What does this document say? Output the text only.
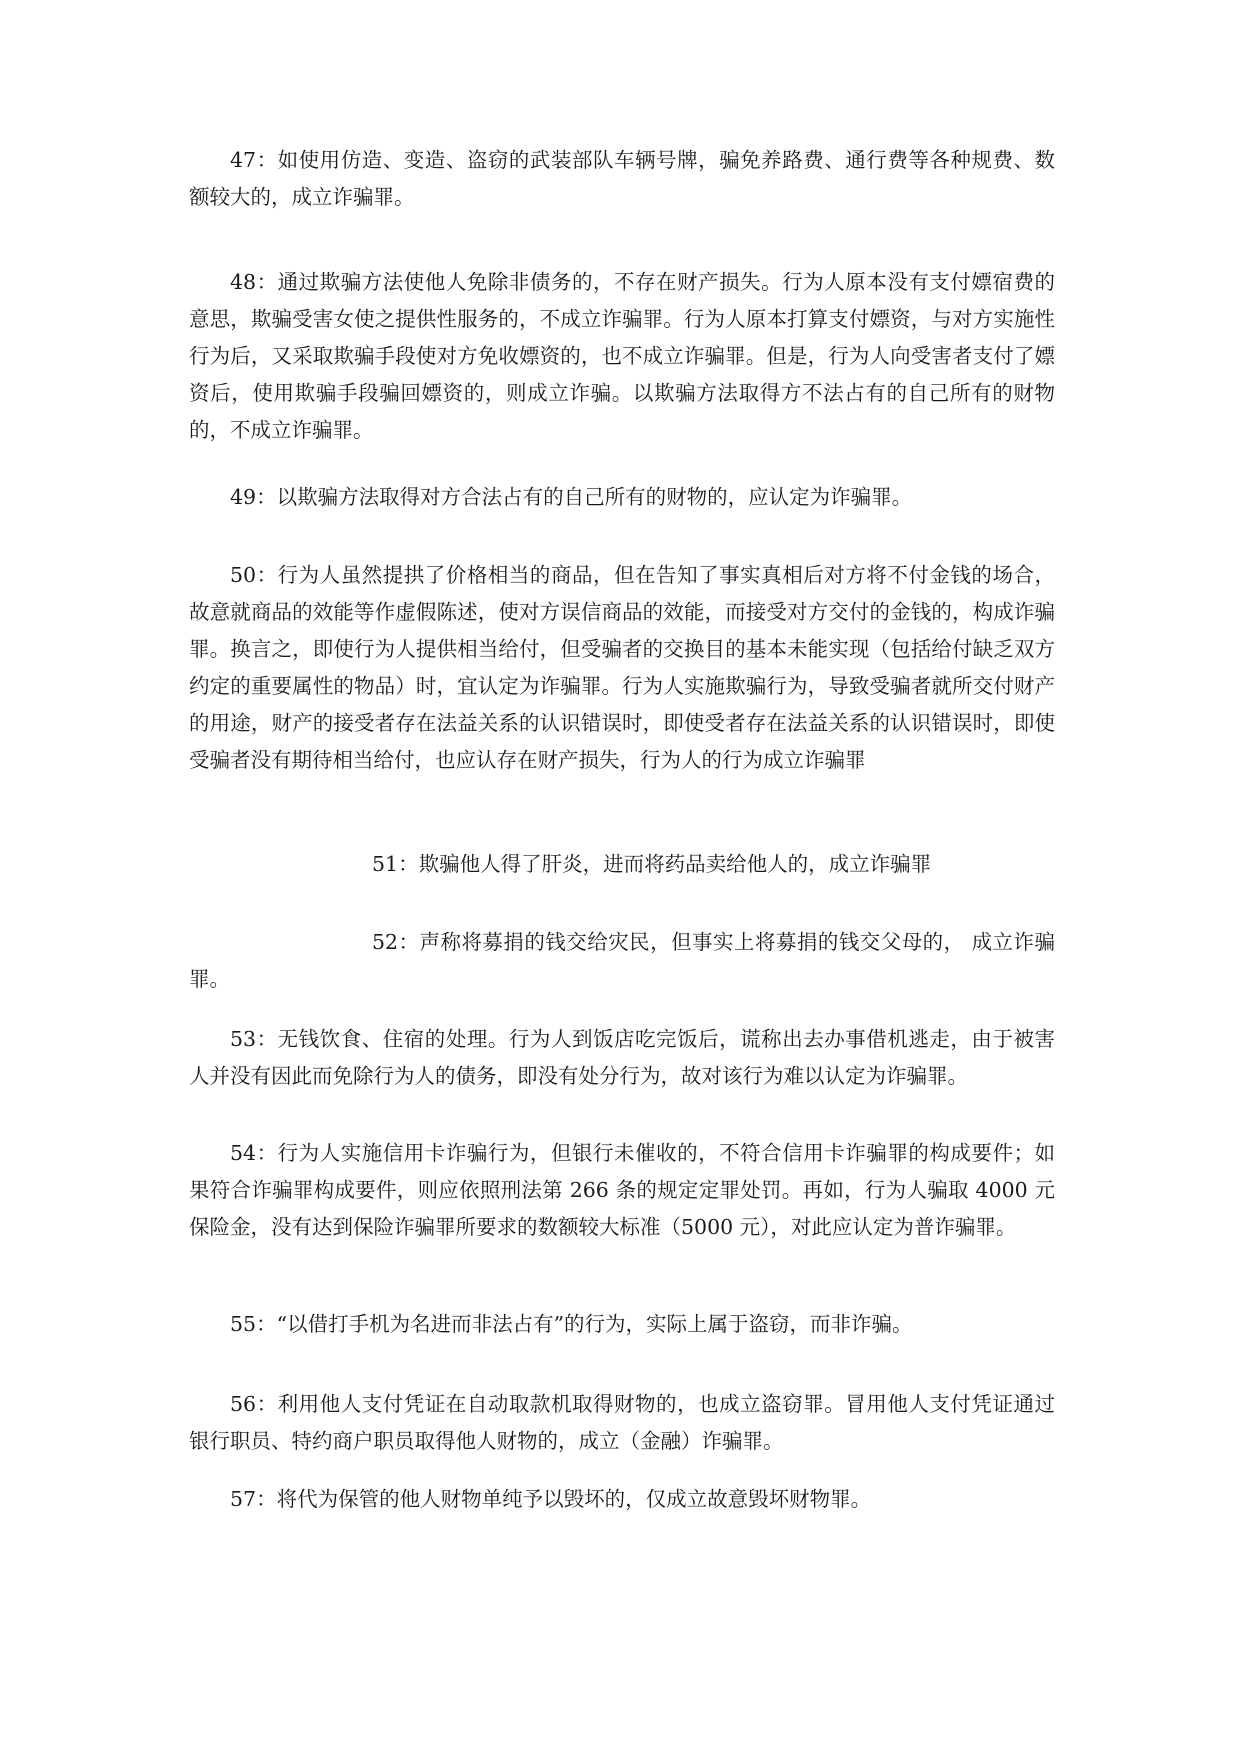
47：如使用仿造、变造、盗窃的武装部队车辆号牌，骗免养路费、通行费等各种规费、数额较大的，成立诈骗罪。

48：通过欺骗方法使他人免除非债务的，不存在财产损失。行为人原本没有支付嫖宿费的意思，欺骗受害女使之提供性服务的，不成立诈骗罪。行为人原本打算支付嫖资，与对方实施性行为后，又采取欺骗手段使对方免收嫖资的，也不成立诈骗罪。但是，行为人向受害者支付了嫖资后，使用欺骗手段骗回嫖资的，则成立诈骗。以欺骗方法取得方不法占有的自己所有的财物的，不成立诈骗罪。

49：以欺骗方法取得对方合法占有的自己所有的财物的，应认定为诈骗罪。

50：行为人虽然提拱了价格相当的商品，但在告知了事实真相后对方将不付金钱的场合，故意就商品的效能等作虚假陈述，使对方误信商品的效能，而接受对方交付的金钱的，构成诈骗罪。换言之，即使行为人提供相当给付，但受骗者的交换目的基本未能实现（包括给付缺乏双方约定的重要属性的物品）时，宜认定为诈骗罪。行为人实施欺骗行为，导致受骗者就所交付财产的用途，财产的接受者存在法益关系的认识错误时，即使受者存在法益关系的认识错误时，即使受骗者没有期待相当给付，也应认存在财产损失，行为人的行为成立诈骗罪

51：欺骗他人得了肝炎，进而将药品卖给他人的，成立诈骗罪

52：声称将募捐的钱交给灾民，但事实上将募捐的钱交父母的， 成立诈骗罪。

53：无钱饮食、住宿的处理。行为人到饭店吃完饭后，谎称出去办事借机逃走，由于被害人并没有因此而免除行为人的债务，即没有处分行为，故对该行为难以认定为诈骗罪。

54：行为人实施信用卡诈骗行为，但银行未催收的，不符合信用卡诈骗罪的构成要件；如果符合诈骗罪构成要件，则应依照刑法第 266 条的规定定罪处罚。再如，行为人骗取 4000 元保险金，没有达到保险诈骗罪所要求的数额较大标准（5000 元），对此应认定为普诈骗罪。

55：“以借打手机为名进而非法占有”的行为，实际上属于盗窃，而非诈骗。

56：利用他人支付凭证在自动取款机取得财物的，也成立盗窃罪。冒用他人支付凭证通过银行职员、特约商户职员取得他人财物的，成立（金融）诈骗罪。

57：将代为保管的他人财物单纯予以毁坏的，仅成立故意毁坏财物罪。
